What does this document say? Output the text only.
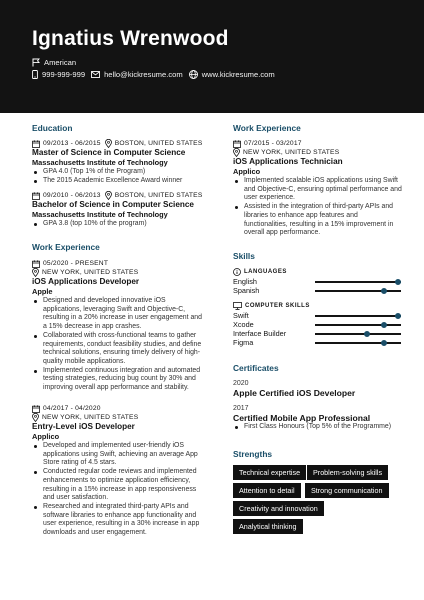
Ignatius Wrenwood
American
999-999-999	hello@kickresume.com	www.kickresume.com
Education
09/2013 - 06/2015 BOSTON, UNITED STATES
Master of Science in Computer Science
Massachusetts Institute of Technology
GPA 4.0 (Top 1% of the Program)
The 2015 Academic Excellence Award winner
09/2010 - 06/2013 BOSTON, UNITED STATES
Bachelor of Science in Computer Science
Massachusetts Institute of Technology
GPA 3.8 (top 10% of the program)
Work Experience
05/2020 - PRESENT
NEW YORK, UNITED STATES
iOS Applications Developer
Apple
Designed and developed innovative iOS applications, leveraging Swift and Objective-C, resulting in a 20% increase in user engagement and a 15% decrease in app crashes.
Collaborated with cross-functional teams to gather requirements, conduct feasibility studies, and define technical solutions, ensuring timely delivery of high-quality mobile applications.
Implemented continuous integration and automated testing strategies, reducing bug count by 30% and improving overall app performance and stability.
04/2017 - 04/2020
NEW YORK, UNITED STATES
Entry-Level iOS Developer
Applico
Developed and implemented user-friendly iOS applications using Swift, achieving an average App Store rating of 4.5 stars.
Conducted regular code reviews and implemented enhancements to optimize application efficiency, resulting in a 15% increase in app responsiveness and user satisfaction.
Researched and integrated third-party APIs and software libraries to enhance app functionality and user experience, resulting in a 30% increase in app downloads and user engagement.
Work Experience
07/2015 - 03/2017
NEW YORK, UNITED STATES
iOS Applications Technician
Applico
Implemented scalable iOS applications using Swift and Objective-C, ensuring optimal performance and user experience.
Assisted in the integration of third-party APIs and libraries to enhance app features and functionalities, resulting in a 15% improvement in overall app performance.
Skills
LANGUAGES
English
Spanish
COMPUTER SKILLS
Swift
Xcode
Interface Builder
Figma
Certificates
2020
Apple Certified iOS Developer
2017
Certified Mobile App Professional
First Class Honours (Top 5% of the Programme)
Strengths
Technical expertise	Problem-solving skills
Attention to detail	Strong communication
Creativity and innovation
Analytical thinking
